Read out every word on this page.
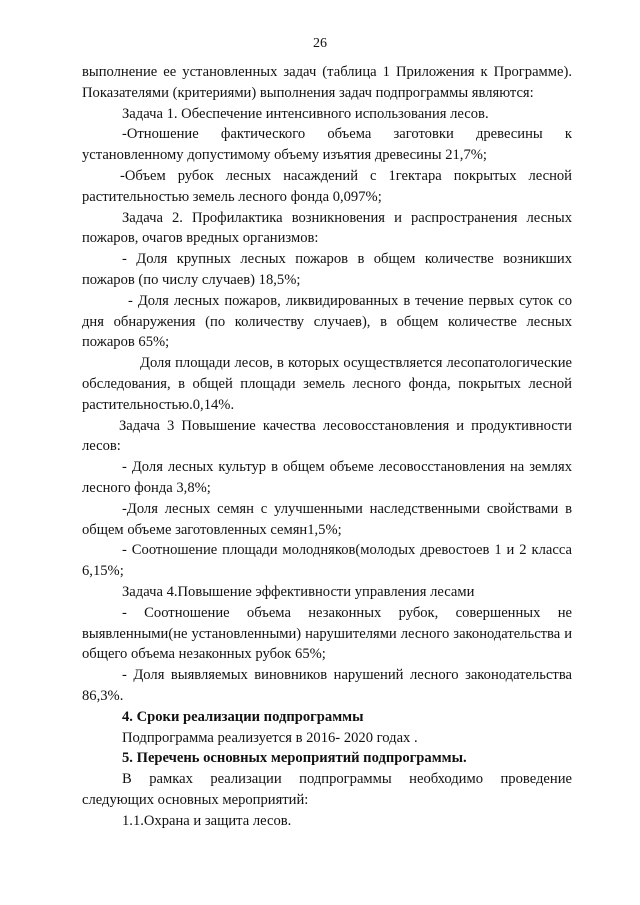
26

выполнение ее установленных задач (таблица 1 Приложения к Программе). Показателями (критериями) выполнения задач подпрограммы являются:

Задача 1. Обеспечение интенсивного использования лесов.

-Отношение фактического объема заготовки древесины к установленному допустимому объему изъятия древесины 21,7%;

-Объем рубок лесных насаждений с 1гектара покрытых лесной растительностью земель лесного фонда 0,097%;

Задача 2. Профилактика возникновения и распространения лесных пожаров, очагов вредных организмов:

- Доля крупных лесных пожаров в общем количестве возникших пожаров (по числу случаев) 18,5%;

- Доля лесных пожаров, ликвидированных в течение первых суток со дня обнаружения (по количеству случаев), в общем количестве лесных пожаров 65%;

Доля площади лесов, в которых осуществляется лесопатологические обследования, в общей площади земель лесного фонда, покрытых лесной растительностью.0,14%.

Задача 3 Повышение качества лесовосстановления и продуктивности лесов:

- Доля лесных культур в общем объеме лесовосстановления на землях лесного фонда 3,8%;

-Доля лесных семян с улучшенными наследственными свойствами в общем объеме заготовленных семян1,5%;

- Соотношение площади молодняков(молодых древостоев 1 и 2 класса 6,15%;

Задача 4.Повышение эффективности управления лесами

- Соотношение объема незаконных рубок, совершенных не выявленными(не установленными) нарушителями лесного законодательства и общего объема незаконных рубок 65%;

- Доля выявляемых виновников нарушений лесного законодательства 86,3%.

4. Сроки реализации подпрограммы

Подпрограмма реализуется в 2016- 2020 годах .

5. Перечень основных мероприятий подпрограммы.

В рамках реализации подпрограммы необходимо проведение следующих основных мероприятий:

1.1.Охрана и защита лесов.
